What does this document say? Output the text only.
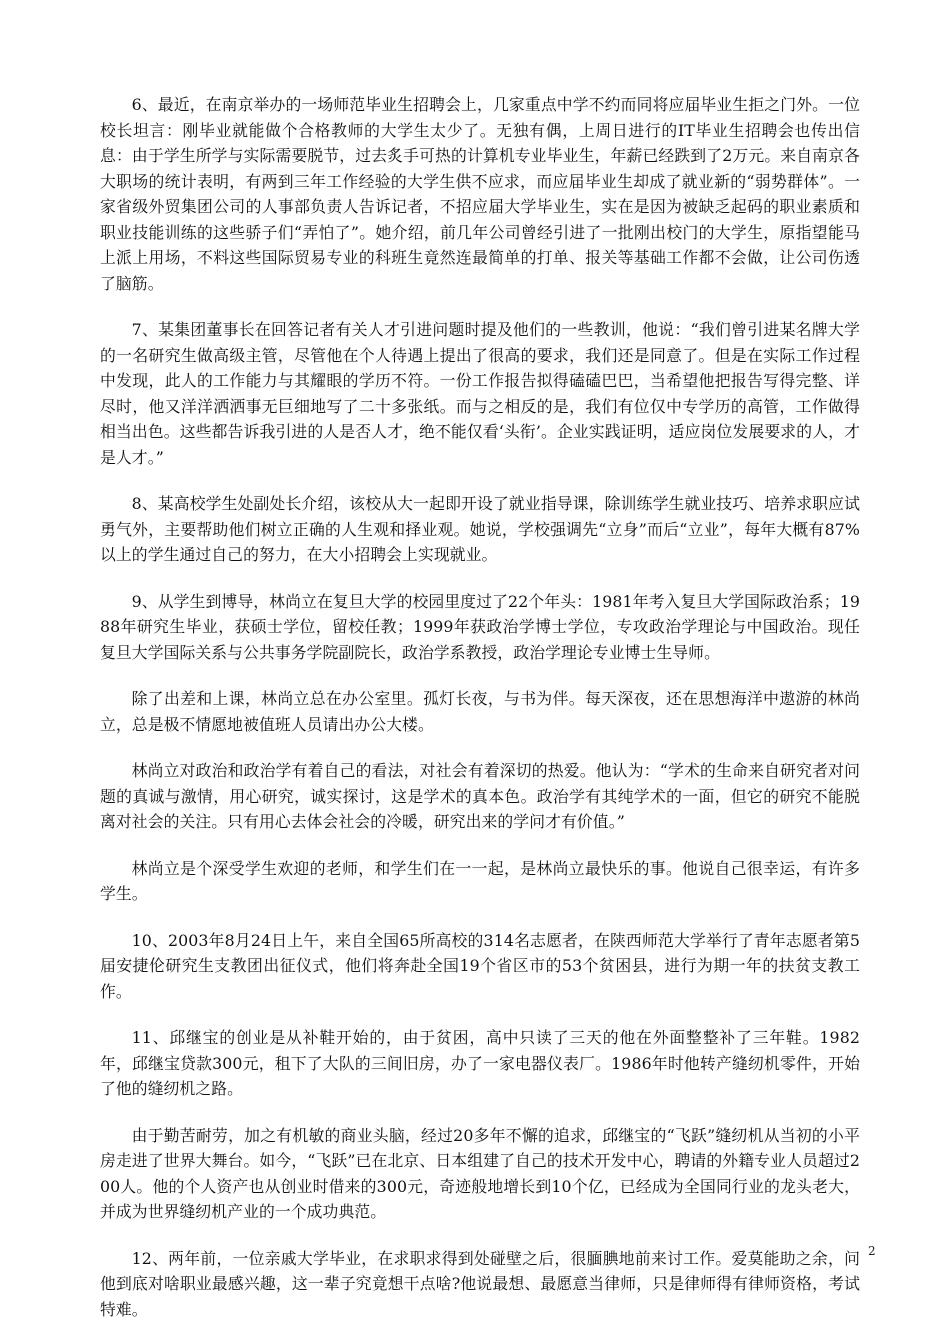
6、最近，在南京举办的一场师范毕业生招聘会上，几家重点中学不约而同将应届毕业生拒之门外。一位校长坦言：刚毕业就能做个合格教师的大学生太少了。无独有偶，上周日进行的IT毕业生招聘会也传出信息：由于学生所学与实际需要脱节，过去炙手可热的计算机专业毕业生，年薪已经跌到了2万元。来自南京各大职场的统计表明，有两到三年工作经验的大学生供不应求，而应届毕业生却成了就业新的“弱势群体”。一家省级外贸集团公司的人事部负责人告诉记者，不招应届大学毕业生，实在是因为被缺乏起码的职业素质和职业技能训练的这些骄子们“弄怕了”。她介绍，前几年公司曾经引进了一批刚出校门的大学生，原指望能马上派上用场，不料这些国际贸易专业的科班生竟然连最简单的打单、报关等基础工作都不会做，让公司伤透了脑筋。

7、某集团董事长在回答记者有关人才引进问题时提及他们的一些教训，他说：“我们曾引进某名牌大学的一名研究生做高级主管，尽管他在个人待遇上提出了很高的要求，我们还是同意了。但是在实际工作过程中发现，此人的工作能力与其耀眼的学历不符。一份工作报告拟得磕磕巴巴，当希望他把报告写得完整、详尽时，他又洋洋洒洒事无巨细地写了二十多张纸。而与之相反的是，我们有位仅中专学历的高管，工作做得相当出色。这些都告诉我引进的人是否人才，绝不能仅看‘头衔’。企业实践证明，适应岗位发展要求的人，才是人才。”

8、某高校学生处副处长介绍，该校从大一起即开设了就业指导课，除训练学生就业技巧、培养求职应试勇气外，主要帮助他们树立正确的人生观和择业观。她说，学校强调先“立身”而后“立业”，每年大概有87%以上的学生通过自己的努力，在大小招聘会上实现就业。

9、从学生到博导，林尚立在复旦大学的校园里度过了22个年头：1981年考入复旦大学国际政治系；1988年研究生毕业，获硕士学位，留校任教；1999年获政治学博士学位，专攻政治学理论与中国政治。现任复旦大学国际关系与公共事务学院副院长，政治学系教授，政治学理论专业博士生导师。

除了出差和上课，林尚立总在办公室里。孤灯长夜，与书为伴。每天深夜，还在思想海洋中遨游的林尚立，总是极不情愿地被值班人员请出办公大楼。

林尚立对政治和政治学有着自己的看法，对社会有着深切的热爱。他认为：“学术的生命来自研究者对问题的真诚与激情，用心研究，诚实探讨，这是学术的真本色。政治学有其纯学术的一面，但它的研究不能脱离对社会的关注。只有用心去体会社会的冷暖，研究出来的学问才有价值。”

林尚立是个深受学生欢迎的老师，和学生们在一一起，是林尚立最快乐的事。他说自己很幸运，有许多学生。

10、2003年8月24日上午，来自全国65所高校的314名志愿者，在陕西师范大学举行了青年志愿者第5届安捷伦研究生支教团出征仪式，他们将奔赴全国19个省区市的53个贫困县，进行为期一年的扶贫支教工作。

11、邱继宝的创业是从补鞋开始的，由于贫困，高中只读了三天的他在外面整整补了三年鞋。1982年，邱继宝贷款300元，租下了大队的三间旧房，办了一家电器仪表厂。1986年时他转产缝纫机零件，开始了他的缝纫机之路。

由于勤苦耐劳，加之有机敏的商业头脑，经过20多年不懈的追求，邱继宝的“飞跃”缝纫机从当初的小平房走进了世界大舞台。如今，“飞跃”已在北京、日本组建了自己的技术开发中心，聘请的外籍专业人员超过200人。他的个人资产也从创业时借来的300元，奇迹般地增长到10个亿，已经成为全国同行业的龙头老大，并成为世界缝纫机产业的一个成功典范。

12、两年前，一位亲戚大学毕业，在求职求得到处碰壁之后，很腼腆地前来讨工作。爱莫能助之余，问他到底对啥职业最感兴趣，这一辈子究竟想干点啥?他说最想、最愿意当律师，只是律师得有律师资格，考试特难。

2
